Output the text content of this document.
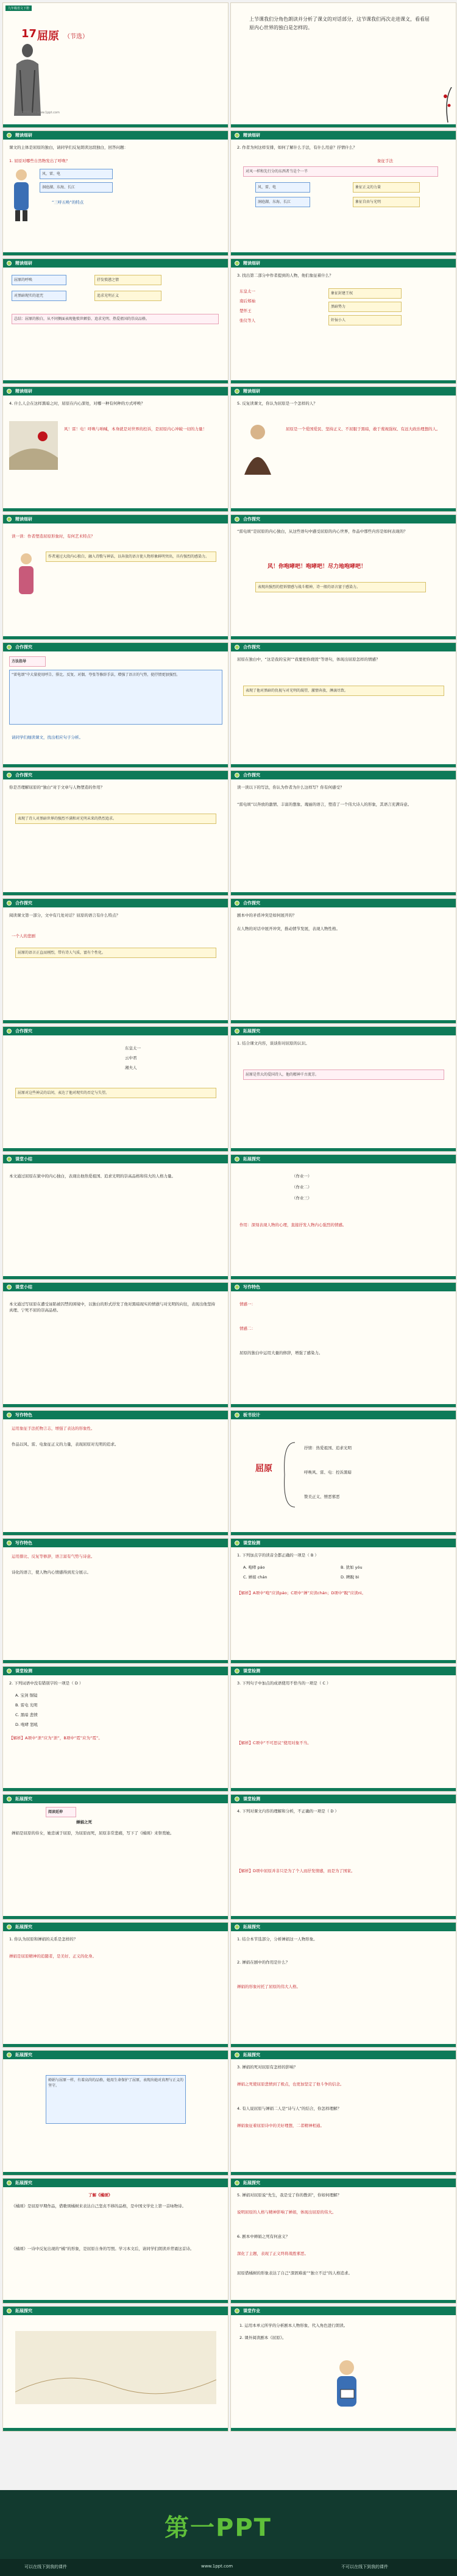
九年级语文下册
17 屈原 （节选）
第一PPT模板网 www.1ppt.com
上节课我们分角色朗读并分析了课文的对话部分，这节课我们再次走进课文，看看屈原内心世界的独白是怎样的。
精读细研
课文的主体是屈原的独白，请同学们反复朗读这段独白，回答问题：
1. 屈原对哪些自然物发出了呼唤？
风、雷、电
洞庭湖、东海、长江
“三呼五唤”的特点
精读细研
2. 作者为何这样安排，如何了解什么手法，有什么用意？抒情什么？
象征手法
对风一样和先行分的东西者当是个一半
风、雷、电
洞庭湖、东海、长江
象征正义的力量
象征自由与光明
精读细研
屈原的呼唤
对黑暗现实的诅咒
抒发愤懑之情
追求光明正义
总结：屈原的独白，从不同侧面表现他愤世嫉俗、追求光明、热爱祖国的崇高品格。
精读细研
3. 找出第二部分中作者提到的人物，他们象征着什么？
东皇太一
南后郑袖
楚怀王
张仪等人
象征封建王权
黑暗势力
奸佞小人
精读细研
4. 什么人会在这样黑暗之时，屈原在内心深处，对哪一种有何种的方式呼唤？
风！雷！电！呼唤与呐喊，本身就是对世界的控诉，是屈原内心冲破一切的力量！
精读细研
5. 反复读课文，你认为屈原是一个怎样的人？
屈原是一个爱国爱民、坚持正义、不屈服于黑暗，敢于蔑视强权、有远大政治理想的人。
精读细研
读一读：作者塑造屈原形象时，有何艺术特点？
作者通过大段内心独白，融入诗歌与神话，以奔放的语言使人物形象鲜明突出，具有强烈的感染力。
合作探究
“雷电颂”是屈原的内心独白，从这些语句中感受屈原的内心世界，作品中那些内容是如何表现的？
风！你咆哮吧！咆哮吧！尽力地咆哮吧！
表现出强烈的控诉情感与战斗精神，诗一般的语言富于感染力。
合作探究
方法指导
“雷电颂”中大量使用呼告、排比、反复、对偶、夸张等修辞手法，增强了语言的气势，使抒情更加强烈。
请同学们细读课文，找出相应句子分析。
合作探究
屈原在独白中，“这是我的宝剑”“我要把你烧毁”等语句，体现出屈原怎样的情感？
表现了他对黑暗的仇视与对光明的渴望，激情奔放，淋漓尽致。
合作探究
你是否理解屈原的“独白”对于文章与人物塑造的作用？
表现了诗人对黑暗世界的强烈不满和对光明未来的热烈追求。
合作探究
读一读以下的写法，你认为作者为什么这样写？你有何感受？
“雷电颂”以奔放的激情、丰富的想象、瑰丽的语言，塑造了一个伟大诗人的形象，其语言充满诗意。
合作探究
阅读课文第一部分，文中有几处对话？屈原的语言有什么特点？
一个人的悲剧
屈原的语言正直而刚烈，带有诗人气质，富有个性化。
合作探究
剧本中的矛盾冲突是如何展开的？
在人物的对话中展开冲突，推动情节发展，表现人物性格。
合作探究
东皇太一
云中君
湘夫人
屈原对这些神灵的诘问，表达了他对现实的否定与失望。
拓展探究
1. 结合课文内容，谈谈你对屈原的认识。
屈原是伟大的爱国诗人，他的精神千古流芳。
课堂小结
本文通过屈原在狱中的内心独白，表现出他热爱祖国、追求光明的崇高品格和伟大的人格力量。
拓展探究
（作业一）
（作业二）
（作业三）
作用：深刻表现人物的心理，直接抒发人物内心强烈的情感。
课堂小结
本文通过写屈原在遭受诬陷被囚禁的困境中，以独白的形式抒发了他对黑暗现实的愤懑与对光明的向往，表现出他坚持真理、宁死不屈的崇高品格。
写作特色
情感一：
情感二：
屈原的独白中运用大量的修辞，增强了感染力。
写作特色
运用象征手法托物言志，增强了表达的形象性。
作品以风、雷、电象征正义的力量，表现屈原对光明的追求。
板书设计
屈原
抒情：热爱祖国、追求光明
呼唤风、雷、电：控诉黑暗
赞美正义、憎恶邪恶
写作特色
运用排比、反复等修辞，语言富有气势与诗意。
诗化的语言，使人物内心情感得到充分展示。
课堂检测
1. 下列加点字的读音全都正确的一项是（ B ）
A. 咆哮 páo	B. 犹如 yóu
C. 婵娟 chán	D. 睥睨 bì
【解析】A项中“咆”应读páo；C项中“婵”应读chán；D项中“睨”应读nì。
课堂检测
2. 下列词语中没有错别字的一项是（ D ）
A. 宝剑 铜镜
B. 雷电 光明
C. 黑暗 悲愤
D. 咆哮 怒吼
【解析】A项中“泄”应为“泄”，B项中“霓”应为“霓”。
课堂检测
3. 下列句子中加点的成语使用不恰当的一项是（ C ）
【解析】C项中“不可思议”使用对象不当。
拓展探究
阅读延伸
婵娟之死
婵娟是屈原的侍女，她忠诚于屈原，为屈原而死，屈原非常悲痛，写下了《橘颂》来祭奠她。
课堂检测
4. 下列对课文内容的理解和分析，不正确的一项是（ D ）
【解析】D项中屈原并非只是为了个人而抒发情感，而是为了国家。
拓展探究
1. 你认为屈原和婵娟的关系是怎样的？
婵娟是屈原精神的追随者，是美好、正义的化身。
拓展探究
1. 结合本节选部分，分析婵娟这一人物形象。
2. 婵娟在剧中的作用是什么？
婵娟的形象衬托了屈原的伟大人格。
拓展探究
婵娟与屈原一样，有着高尚的品格，她用生命保护了屈原，表现出她对真理与正义的坚守。
拓展探究
3. 婵娟的死对屈原有怎样的影响？
婵娟之死使屈原悲愤到了极点，也更加坚定了他斗争的信念。
4. 有人说屈原与婵娟二人是“诗与人”的结合，你怎样理解？
婵娟象征着屈原诗中的美好理想，二者精神相通。
拓展探究
了解《橘颂》
《橘颂》是屈原早期作品，借歌颂橘树来表达自己坚贞不移的品格，是中国文学史上第一首咏物诗。
《橘颂》一诗中反复出现的“橘”的形象，是屈原自身的写照。学习本文后，请同学们朗读并背诵这首诗。
拓展探究
5. 婵娟对屈原说“先生，我是受了你的教训”，你如何理解？
说明屈原的人格与精神影响了婵娟，体现出屈原的伟大。
6. 剧本中婵娟之死有何意义？
深化了主题，表现了正义终将战胜邪恶。
屈原借橘树的形象表达了自己“深固难徙”“独立不迁”的人格追求。
拓展探究	课堂作业
1. 运用本单元所学的分析剧本人物形象、代入角色进行朗读。
2. 课外阅读剧本《屈原》。
第一PPT
可以在线下到我的课件	www.1ppt.com	不可以在线下到我的课件
